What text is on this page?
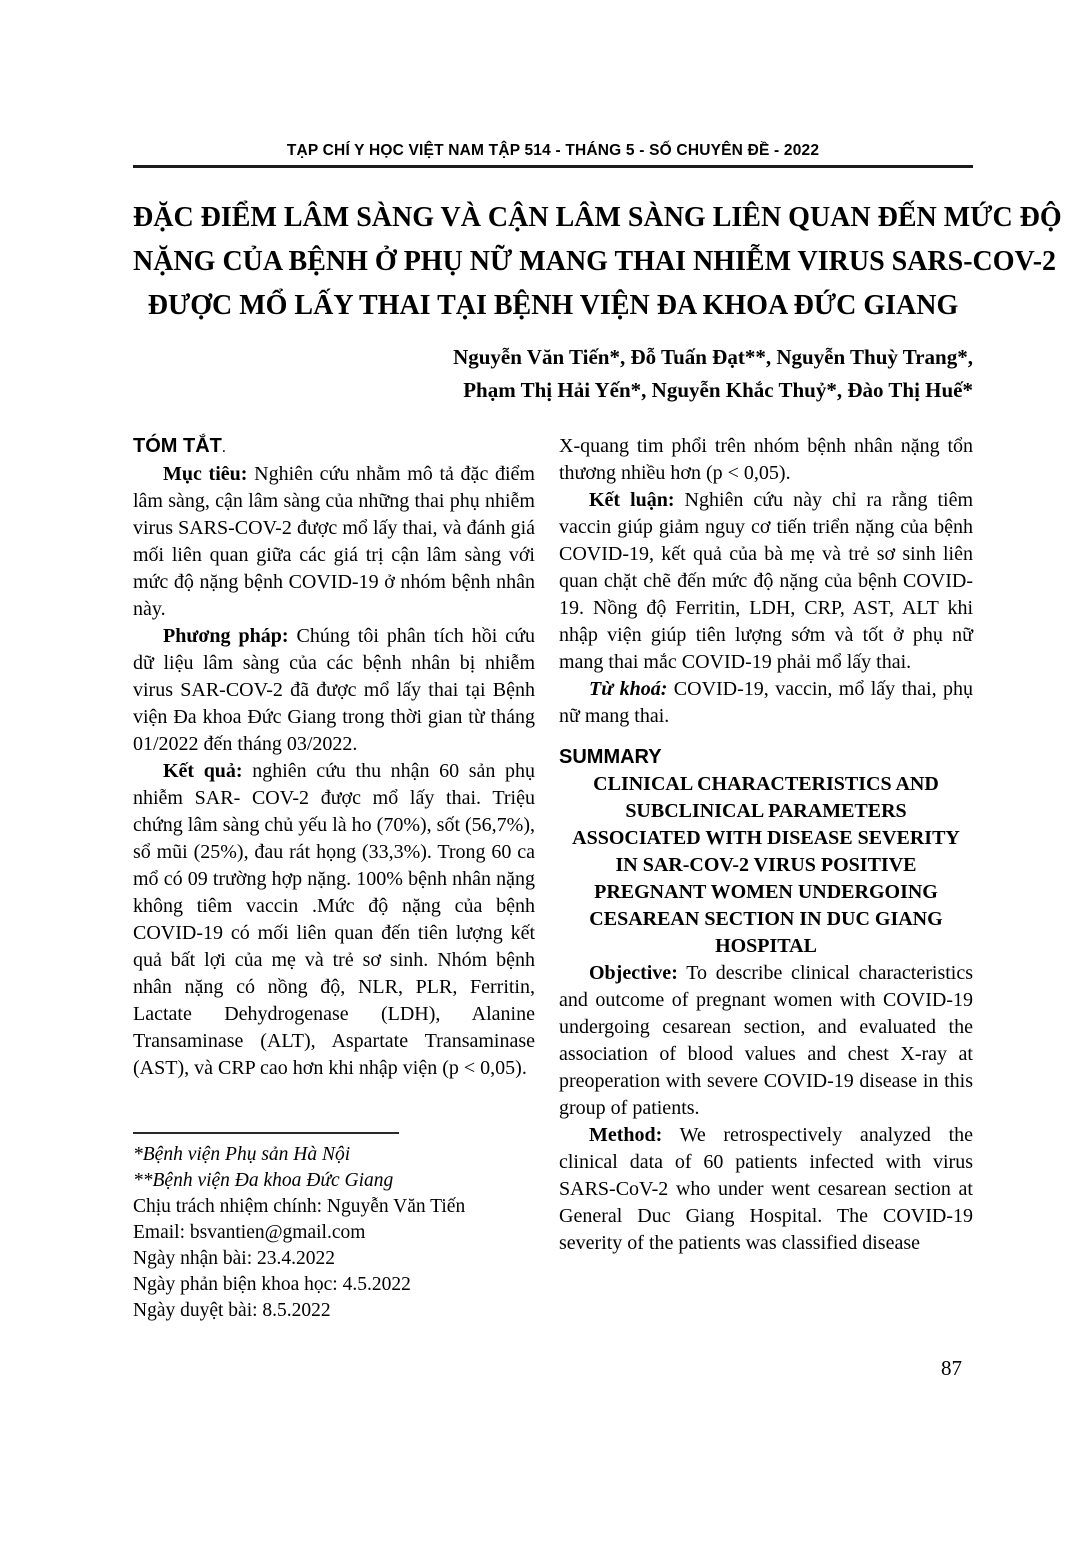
TẠP CHÍ Y HỌC VIỆT NAM TẬP 514 - THÁNG 5 - SỐ CHUYÊN ĐỀ - 2022
ĐẶC ĐIỂM LÂM SÀNG VÀ CẬN LÂM SÀNG LIÊN QUAN ĐẾN MỨC ĐỘ
NẶNG CỦA BỆNH Ở PHỤ NỮ MANG THAI NHIỄM VIRUS SARS-COV-2
ĐƯỢC MỔ LẤY THAI TẠI BỆNH VIỆN ĐA KHOA ĐỨC GIANG
Nguyễn Văn Tiến*, Đỗ Tuấn Đạt**, Nguyễn Thuỳ Trang*,
Phạm Thị Hải Yến*, Nguyễn Khắc Thuỷ*, Đào Thị Huế*
TÓM TẮT.

Mục tiêu: Nghiên cứu nhằm mô tả đặc điểm lâm sàng, cận lâm sàng của những thai phụ nhiễm virus SARS-COV-2 được mổ lấy thai, và đánh giá mối liên quan giữa các giá trị cận lâm sàng với mức độ nặng bệnh COVID-19 ở nhóm bệnh nhân này.

Phương pháp: Chúng tôi phân tích hồi cứu dữ liệu lâm sàng của các bệnh nhân bị nhiễm virus SAR-COV-2 đã được mổ lấy thai tại Bệnh viện Đa khoa Đức Giang trong thời gian từ tháng 01/2022 đến tháng 03/2022.

Kết quả: nghiên cứu thu nhận 60 sản phụ nhiễm SAR- COV-2 được mổ lấy thai. Triệu chứng lâm sàng chủ yếu là ho (70%), sốt (56,7%), sổ mũi (25%), đau rát họng (33,3%). Trong 60 ca mổ có 09 trường hợp nặng. 100% bệnh nhân nặng không tiêm vaccin .Mức độ nặng của bệnh COVID-19 có mối liên quan đến tiên lượng kết quả bất lợi của mẹ và trẻ sơ sinh. Nhóm bệnh nhân nặng có nồng độ, NLR, PLR, Ferritin, Lactate Dehydrogenase (LDH), Alanine Transaminase (ALT), Aspartate Transaminase (AST), và CRP cao hơn khi nhập viện (p < 0,05).

*Bệnh viện Phụ sản Hà Nội
**Bệnh viện Đa khoa Đức Giang
Chịu trách nhiệm chính: Nguyễn Văn Tiến
Email: bsvantien@gmail.com
Ngày nhận bài: 23.4.2022
Ngày phản biện khoa học: 4.5.2022
Ngày duyệt bài: 8.5.2022

X-quang tim phổi trên nhóm bệnh nhân nặng tổn thương nhiều hơn (p < 0,05).

Kết luận: Nghiên cứu này chỉ ra rằng tiêm vaccin giúp giảm nguy cơ tiến triển nặng của bệnh COVID-19, kết quả của bà mẹ và trẻ sơ sinh liên quan chặt chẽ đến mức độ nặng của bệnh COVID-19. Nồng độ Ferritin, LDH, CRP, AST, ALT khi nhập viện giúp tiên lượng sớm và tốt ở phụ nữ mang thai mắc COVID-19 phải mổ lấy thai.

Từ khoá: COVID-19, vaccin, mổ lấy thai, phụ nữ mang thai.

SUMMARY
CLINICAL CHARACTERISTICS AND
SUBCLINICAL PARAMETERS
ASSOCIATED WITH DISEASE SEVERITY
IN SAR-COV-2 VIRUS POSITIVE
PREGNANT WOMEN UNDERGOING
CESAREAN SECTION IN DUC GIANG
HOSPITAL

Objective: To describe clinical characteristics and outcome of pregnant women with COVID-19 undergoing cesarean section, and evaluated the association of blood values and chest X-ray at preoperation with severe COVID-19 disease in this group of patients.

Method: We retrospectively analyzed the clinical data of 60 patients infected with virus SARS-CoV-2 who under went cesarean section at General Duc Giang Hospital. The COVID-19 severity of the patients was classified disease

87
